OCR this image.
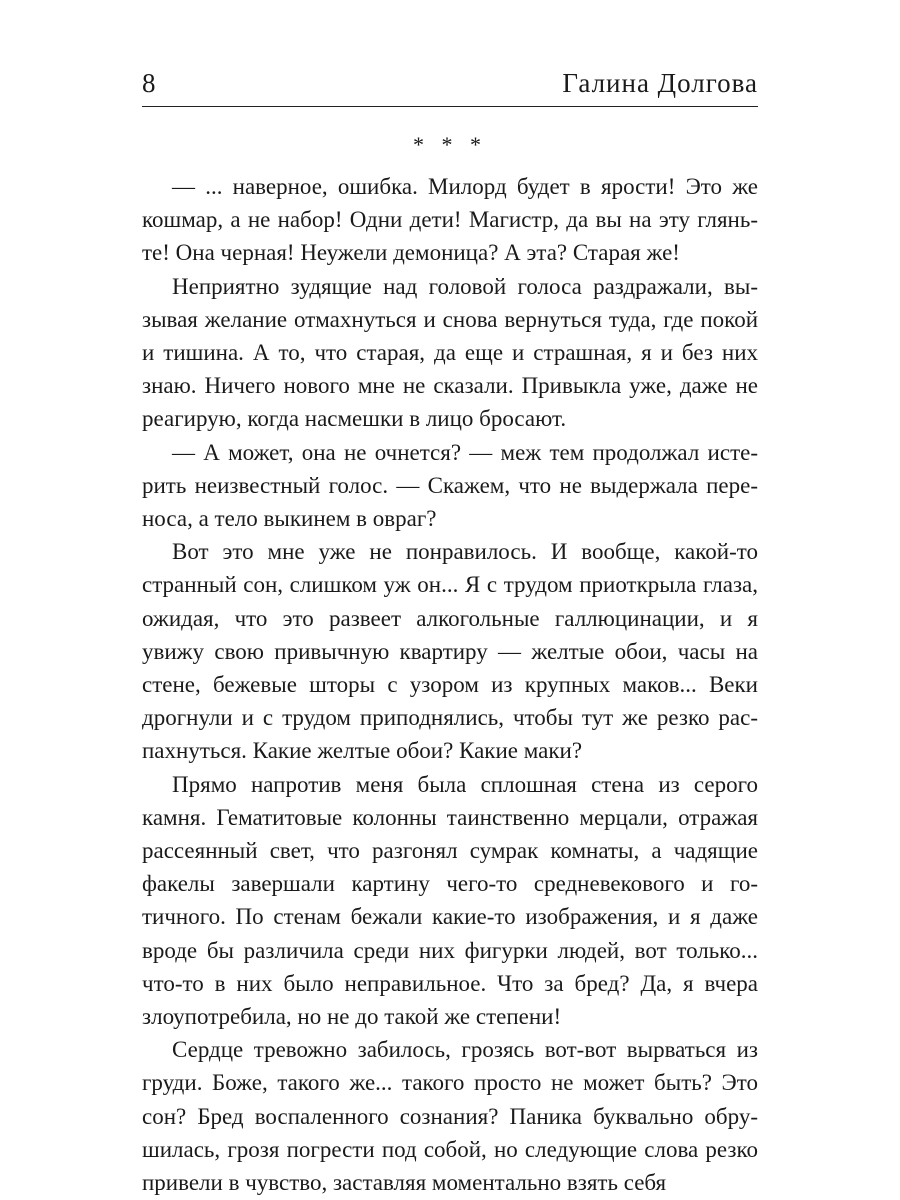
8	Галина Долгова
* * *

— ... наверное, ошибка. Милорд будет в ярости! Это же кошмар, а не набор! Одни дети! Магистр, да вы на эту гляньте! Она черная! Неужели демоница? А эта? Старая же!

Неприятно зудящие над головой голоса раздражали, вызывая желание отмахнуться и снова вернуться туда, где покой и тишина. А то, что старая, да еще и страшная, я и без них знаю. Ничего нового мне не сказали. Привыкла уже, даже не реагирую, когда насмешки в лицо бросают.

— А может, она не очнется? — меж тем продолжал истерить неизвестный голос. — Скажем, что не выдержала переноса, а тело выкинем в овраг?

Вот это мне уже не понравилось. И вообще, какой-то странный сон, слишком уж он... Я с трудом приоткрыла глаза, ожидая, что это развеет алкогольные галлюцинации, и я увижу свою привычную квартиру — желтые обои, часы на стене, бежевые шторы с узором из крупных маков... Веки дрогнули и с трудом приподнялись, чтобы тут же резко распахнуться. Какие желтые обои? Какие маки?

Прямо напротив меня была сплошная стена из серого камня. Гематитовые колонны таинственно мерцали, отражая рассеянный свет, что разгонял сумрак комнаты, а чадящие факелы завершали картину чего-то средневекового и готичного. По стенам бежали какие-то изображения, и я даже вроде бы различила среди них фигурки людей, вот только... что-то в них было неправильное. Что за бред? Да, я вчера злоупотребила, но не до такой же степени!

Сердце тревожно забилось, грозясь вот-вот вырваться из груди. Боже, такого же... такого просто не может быть? Это сон? Бред воспаленного сознания? Паника буквально обрушилась, грозя погрести под собой, но следующие слова резко привели в чувство, заставляя моментально взять себя
